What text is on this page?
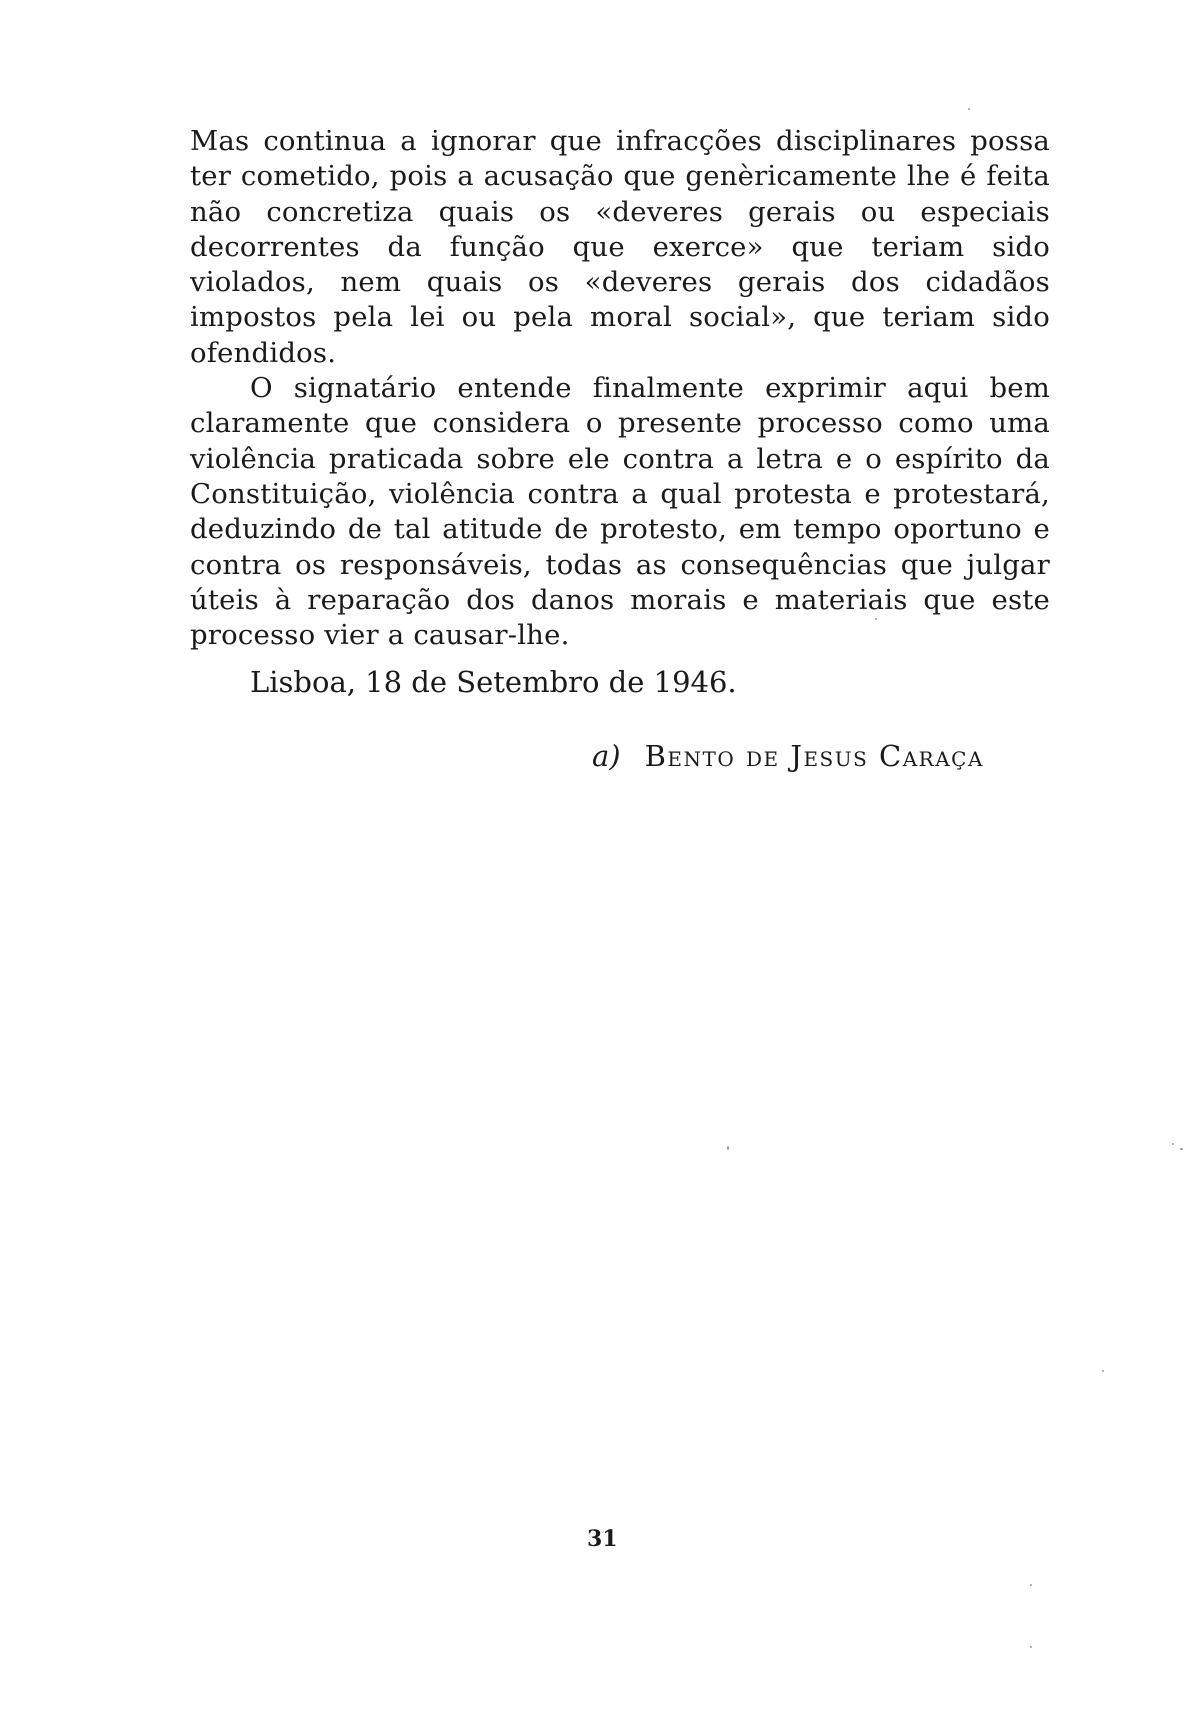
Mas continua a ignorar que infracções disciplinares possa ter cometido, pois a acusação que genèricamente lhe é feita não concretiza quais os «deveres gerais ou especiais decorrentes da função que exerce» que teriam sido violados, nem quais os «deveres gerais dos cidadãos impostos pela lei ou pela moral social», que teriam sido ofendidos.

O signatário entende finalmente exprimir aqui bem claramente que considera o presente processo como uma violência praticada sobre ele contra a letra e o espírito da Constituição, violência contra a qual protesta e protestará, deduzindo de tal atitude de protesto, em tempo oportuno e contra os responsáveis, todas as consequências que julgar úteis à reparação dos danos morais e materiais que este processo vier a causar-lhe.

Lisboa, 18 de Setembro de 1946.
a) Bento de Jesus Caraça
31
